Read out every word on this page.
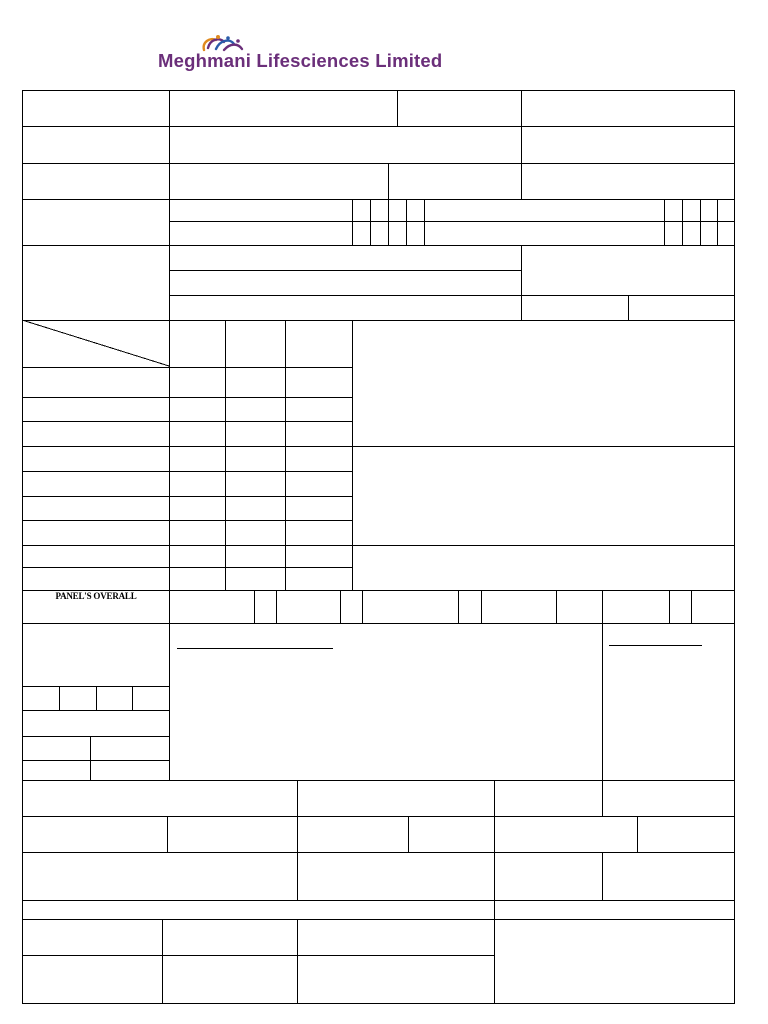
Meghmani Lifesciences Limited
PANEL'S OVERALL
